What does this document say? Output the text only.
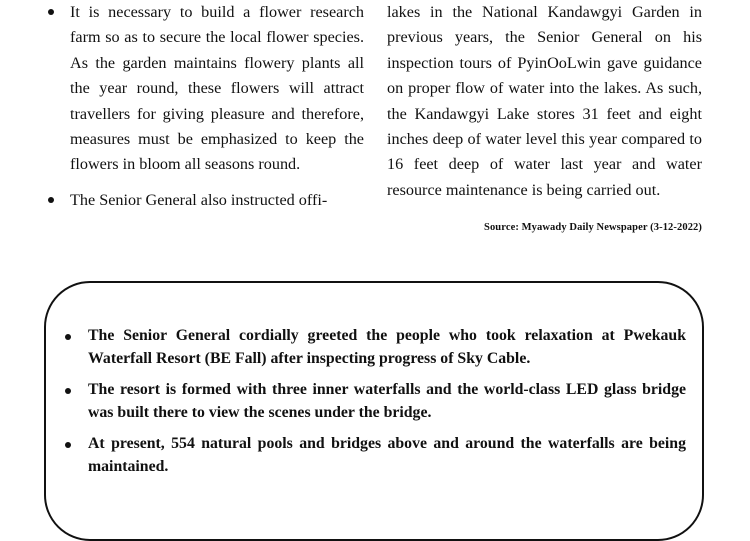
It is necessary to build a flower research farm so as to secure the local flower species. As the garden maintains flowery plants all the year round, these flowers will attract travellers for giving pleasure and therefore, measures must be emphasized to keep the flowers in bloom all seasons round.
The Senior General also instructed offi-
lakes in the National Kandawgyi Garden in previous years, the Senior General on his inspection tours of PyinOoLwin gave guidance on proper flow of water into the lakes. As such, the Kandawgyi Lake stores 31 feet and eight inches deep of water level this year compared to 16 feet deep of water last year and water resource maintenance is being carried out.
Source: Myawady Daily Newspaper (3-12-2022)
The Senior General cordially greeted the people who took relaxation at Pwekauk Waterfall Resort (BE Fall) after inspecting progress of Sky Cable.
The resort is formed with three inner waterfalls and the world-class LED glass bridge was built there to view the scenes under the bridge.
At present, 554 natural pools and bridges above and around the waterfalls are being maintained.
